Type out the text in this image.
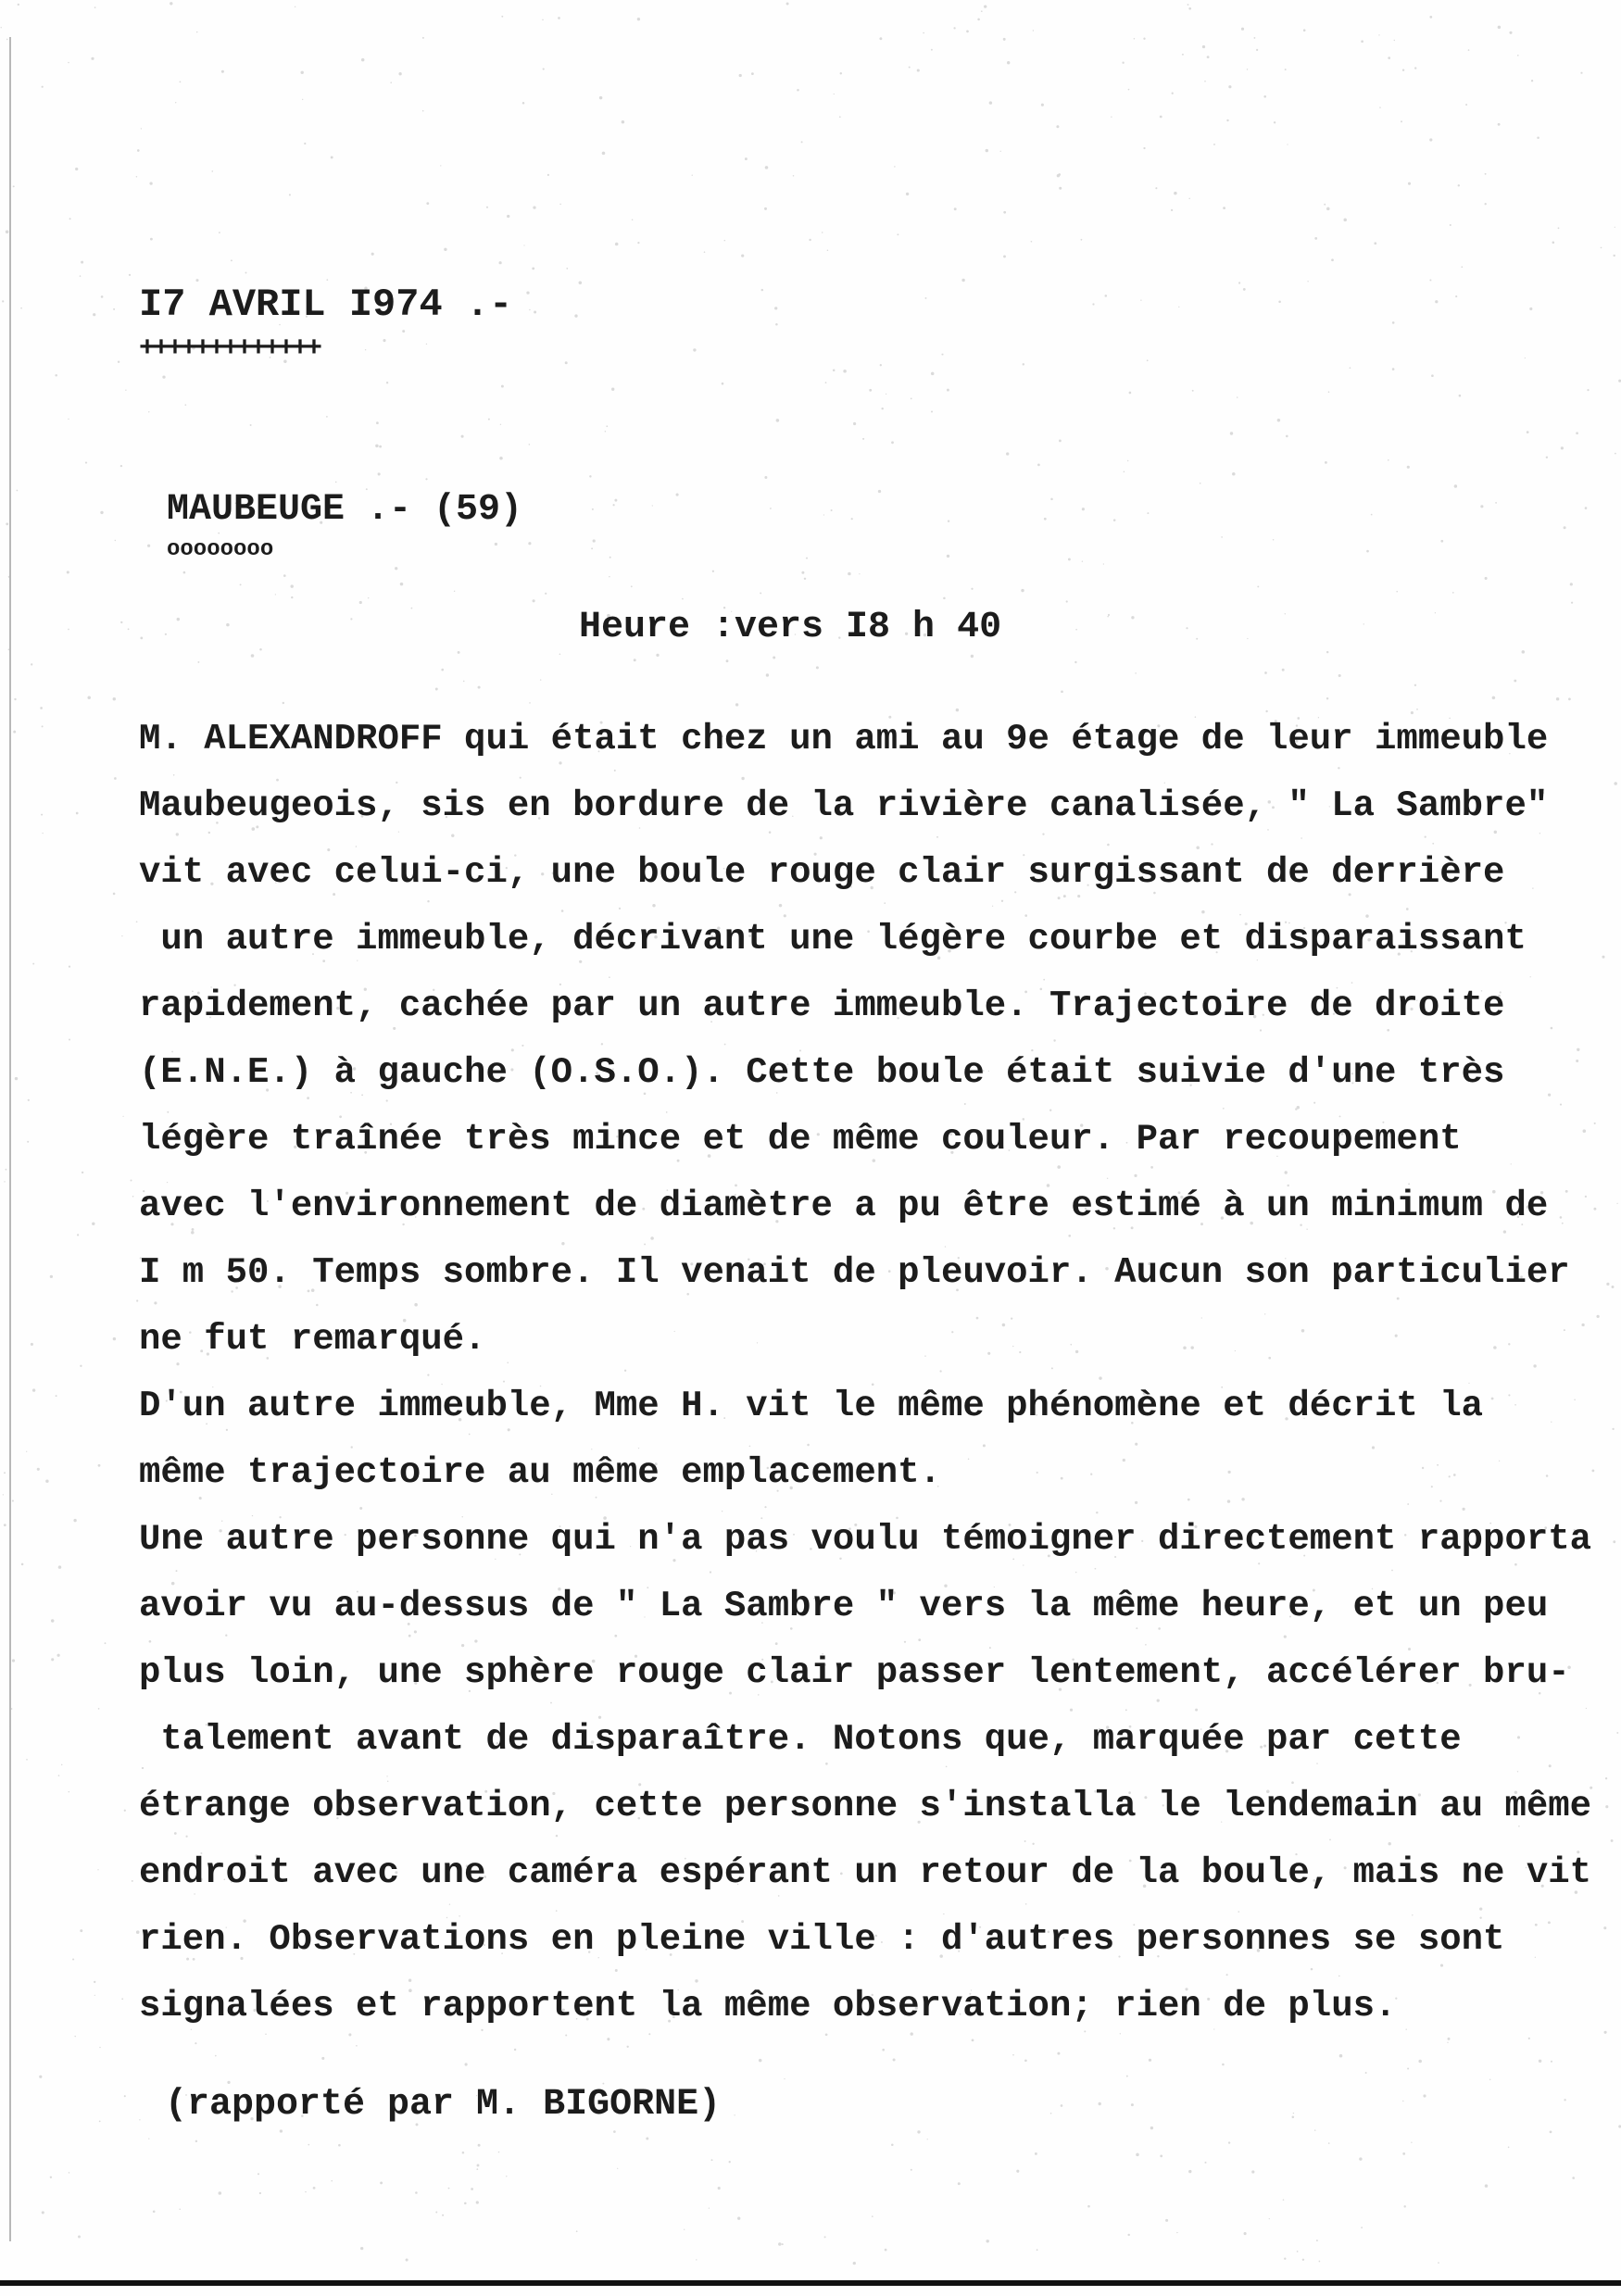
I7 AVRIL I974 .-
+++++++++++++
MAUBEUGE .- (59)
oooooooo
Heure :vers I8 h 40
M. ALEXANDROFF qui était chez un ami au 9e étage de leur immeuble
Maubeugeois, sis en bordure de la rivière canalisée, " La Sambre"
vit avec celui-ci, une boule rouge clair surgissant de derrière
un autre immeuble, décrivant une légère courbe et disparaissant
rapidement, cachée par un autre immeuble. Trajectoire de droite
(E.N.E.) à gauche (O.S.O.). Cette boule était suivie d'une très
légère traînée très mince et de même couleur. Par recoupement
avec l'environnement de diamètre a pu être estimé à un minimum de
I m 50. Temps sombre. Il venait de pleuvoir. Aucun son particulier
ne fut remarqué.
D'un autre immeuble, Mme H. vit le même phénomène et décrit la
même trajectoire au même emplacement.
Une autre personne qui n'a pas voulu témoigner directement rapporta
avoir vu au-dessus de " La Sambre " vers la même heure, et un peu
plus loin, une sphère rouge clair passer lentement, accélérer bru-
talement avant de disparaître. Notons que, marquée par cette
étrange observation, cette personne s'installa le lendemain au même
endroit avec une caméra espérant un retour de la boule, mais ne vit
rien. Observations en pleine ville : d'autres personnes se sont
signalées et rapportent la même observation; rien de plus.
(rapporté par M. BIGORNE)
